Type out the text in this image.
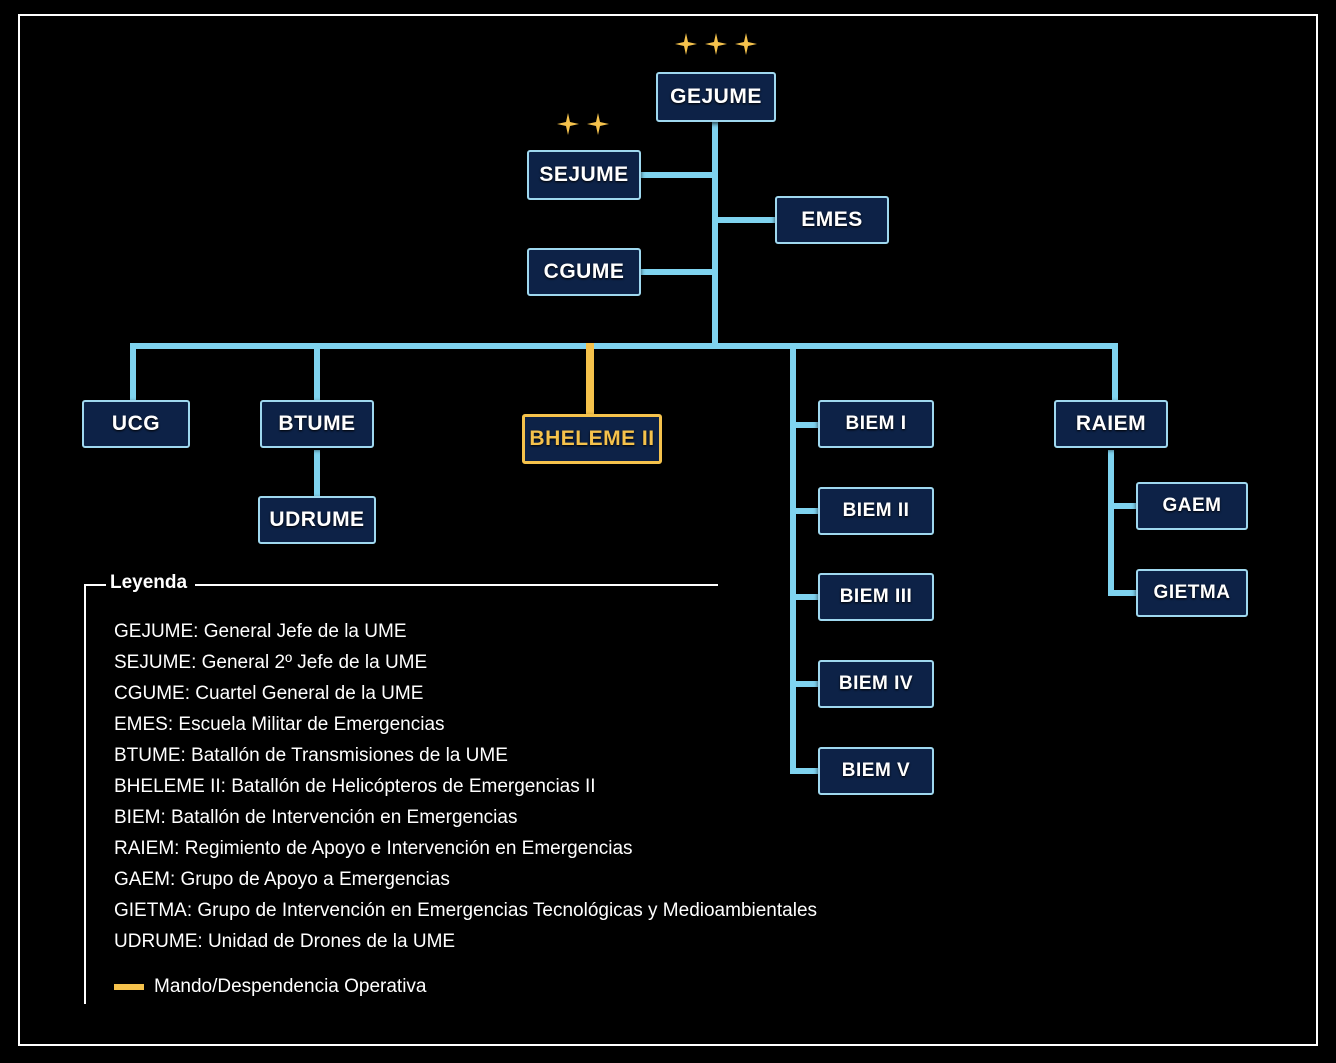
GEJUME
SEJUME
CGUME
EMES
UCG	BTUME
UDRUME
BHELEME II
BIEM I
BIEM II
BIEM III
BIEM IV
BIEM V
RAIEM
GAEM
GIETMA
Leyenda
GEJUME: General Jefe de la UME
SEJUME: General 2º Jefe de la UME
CGUME: Cuartel General de la UME
EMES: Escuela Militar de Emergencias
BTUME: Batallón de Transmisiones de la UME
BHELEME II: Batallón de Helicópteros de Emergencias II
BIEM: Batallón de Intervención en Emergencias
RAIEM: Regimiento de Apoyo e Intervención en Emergencias
GAEM: Grupo de Apoyo a Emergencias
GIETMA: Grupo de Intervención en Emergencias Tecnológicas y Medioambientales
UDRUME: Unidad de Drones de la UME
Mando/Despendencia Operativa
